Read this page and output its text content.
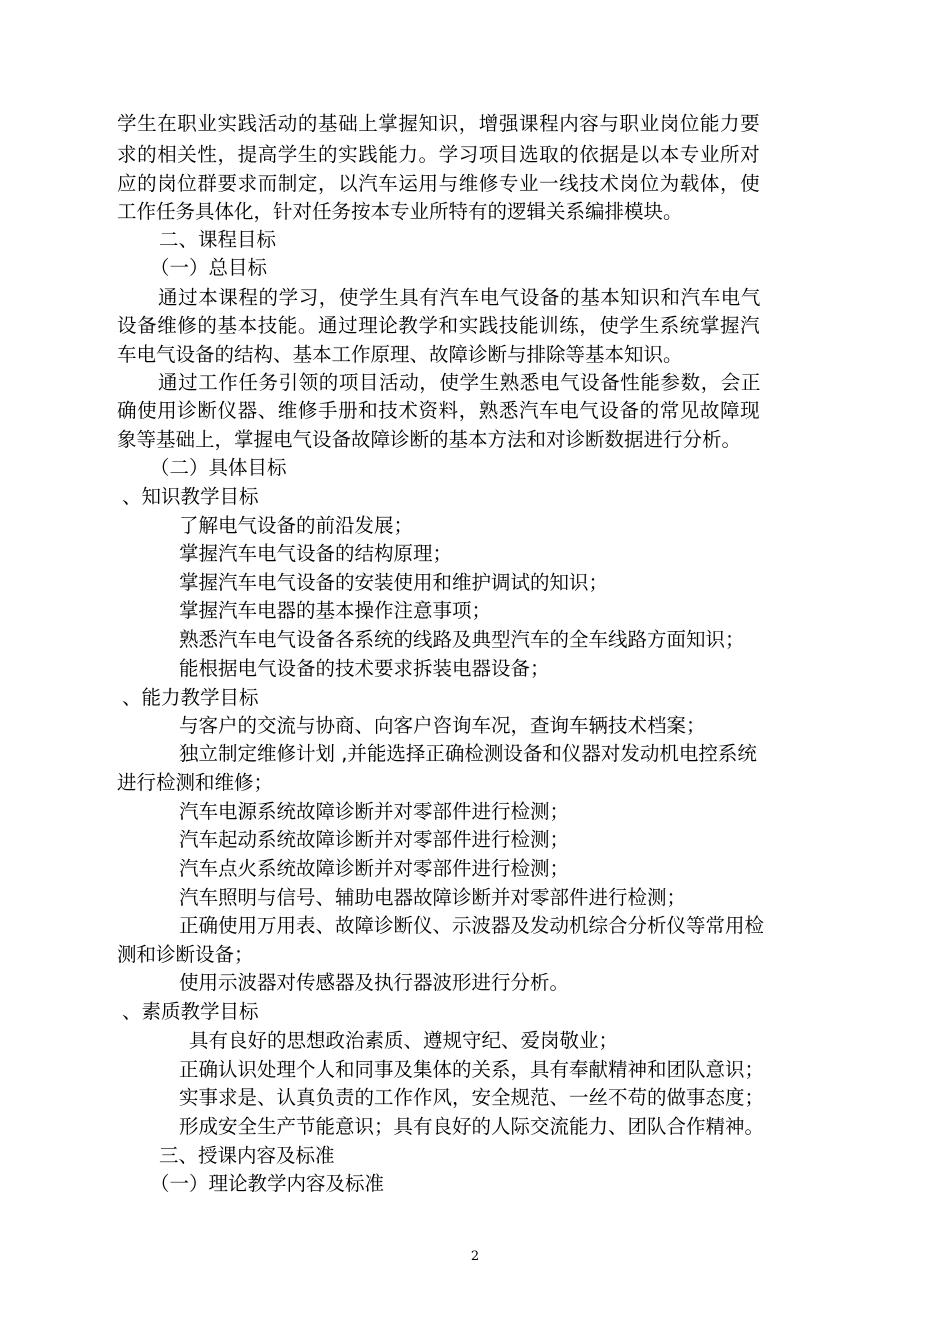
学生在职业实践活动的基础上掌握知识，增强课程内容与职业岗位能力要
求的相关性，提高学生的实践能力。学习项目选取的依据是以本专业所对
应的岗位群要求而制定，以汽车运用与维修专业一线技术岗位为载体，使
工作任务具体化，针对任务按本专业所特有的逻辑关系编排模块。
二、课程目标
（一）总目标
通过本课程的学习，使学生具有汽车电气设备的基本知识和汽车电气
设备维修的基本技能。通过理论教学和实践技能训练，使学生系统掌握汽
车电气设备的结构、基本工作原理、故障诊断与排除等基本知识。
通过工作任务引领的项目活动，使学生熟悉电气设备性能参数，会正
确使用诊断仪器、维修手册和技术资料，熟悉汽车电气设备的常见故障现
象等基础上，掌握电气设备故障诊断的基本方法和对诊断数据进行分析。
（二）具体目标
、知识教学目标
了解电气设备的前沿发展；
掌握汽车电气设备的结构原理；
掌握汽车电气设备的安装使用和维护调试的知识；
掌握汽车电器的基本操作注意事项；
熟悉汽车电气设备各系统的线路及典型汽车的全车线路方面知识；
能根据电气设备的技术要求拆装电器设备；
、能力教学目标
与客户的交流与协商、向客户咨询车况，查询车辆技术档案；
独立制定维修计划 ,并能选择正确检测设备和仪器对发动机电控系统
进行检测和维修；
汽车电源系统故障诊断并对零部件进行检测；
汽车起动系统故障诊断并对零部件进行检测；
汽车点火系统故障诊断并对零部件进行检测；
汽车照明与信号、辅助电器故障诊断并对零部件进行检测；
正确使用万用表、故障诊断仪、示波器及发动机综合分析仪等常用检
测和诊断设备；
使用示波器对传感器及执行器波形进行分析。
、素质教学目标
具有良好的思想政治素质、遵规守纪、爱岗敬业；
正确认识处理个人和同事及集体的关系，具有奉献精神和团队意识；
实事求是、认真负责的工作作风，安全规范、一丝不苟的做事态度；
形成安全生产节能意识；具有良好的人际交流能力、团队合作精神。
三、授课内容及标准
（一）理论教学内容及标准
2
